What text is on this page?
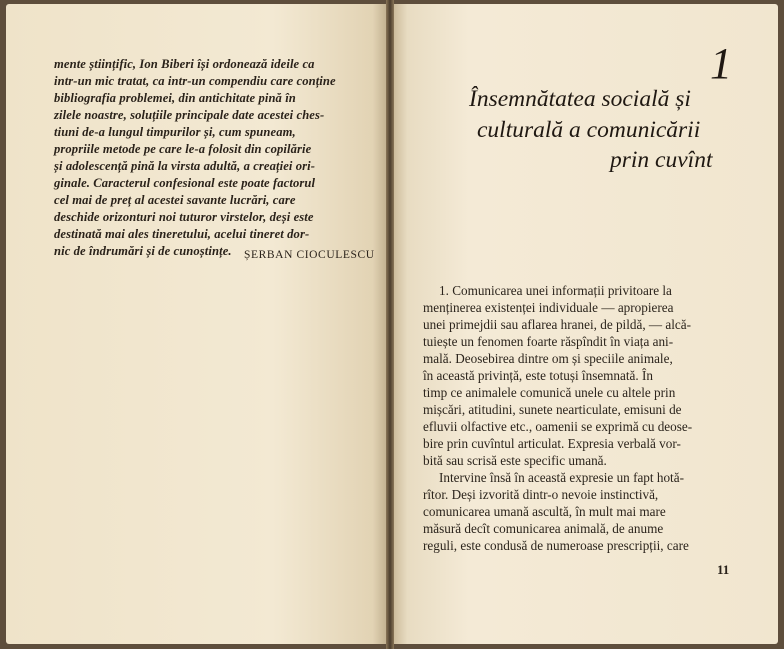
mente științific, Ion Biberi își ordonează ideile ca
intr-un mic tratat, ca intr-un compendiu care conține
bibliografia problemei, din antichitate pină în
zilele noastre, soluțiile principale date acestei ches-
tiuni de-a lungul timpurilor și, cum spuneam,
propriile metode pe care le-a folosit din copilărie
și adolescență pină la virsta adultă, a creației ori-
ginale. Caracterul confesional este poate factorul
cel mai de preț al acestei savante lucrări, care
deschide orizonturi noi tuturor virstelor, deși este
destinată mai ales tineretului, acelui tineret dor-
nic de îndrumări și de cunoștințe. ȘERBAN CIOCULESCU
1
Însemnătatea socială și
culturală a comunicării
prin cuvînt
1. Comunicarea unei informații privitoare la
menținerea existenței individuale — apropierea
unei primejdii sau aflarea hranei, de pildă, — alcă-
tuiește un fenomen foarte răspîndit în viața ani-
mală. Deosebirea dintre om și speciile animale,
în această privință, este totuși însemnată. În
timp ce animalele comunică unele cu altele prin
mișcări, atitudini, sunete nearticulate, emisuni de
efluvii olfactive etc., oamenii se exprimă cu deose-
bire prin cuvîntul articulat. Expresia verbală vor-
bită sau scrisă este specific umană.
Intervine însă în această expresie un fapt hotă-
rîtor. Deși izvorită dintr-o nevoie instinctivă,
comunicarea umană ascultă, în mult mai mare
măsură decît comunicarea animală, de anume
reguli, este condusă de numeroase prescripții, care
11
